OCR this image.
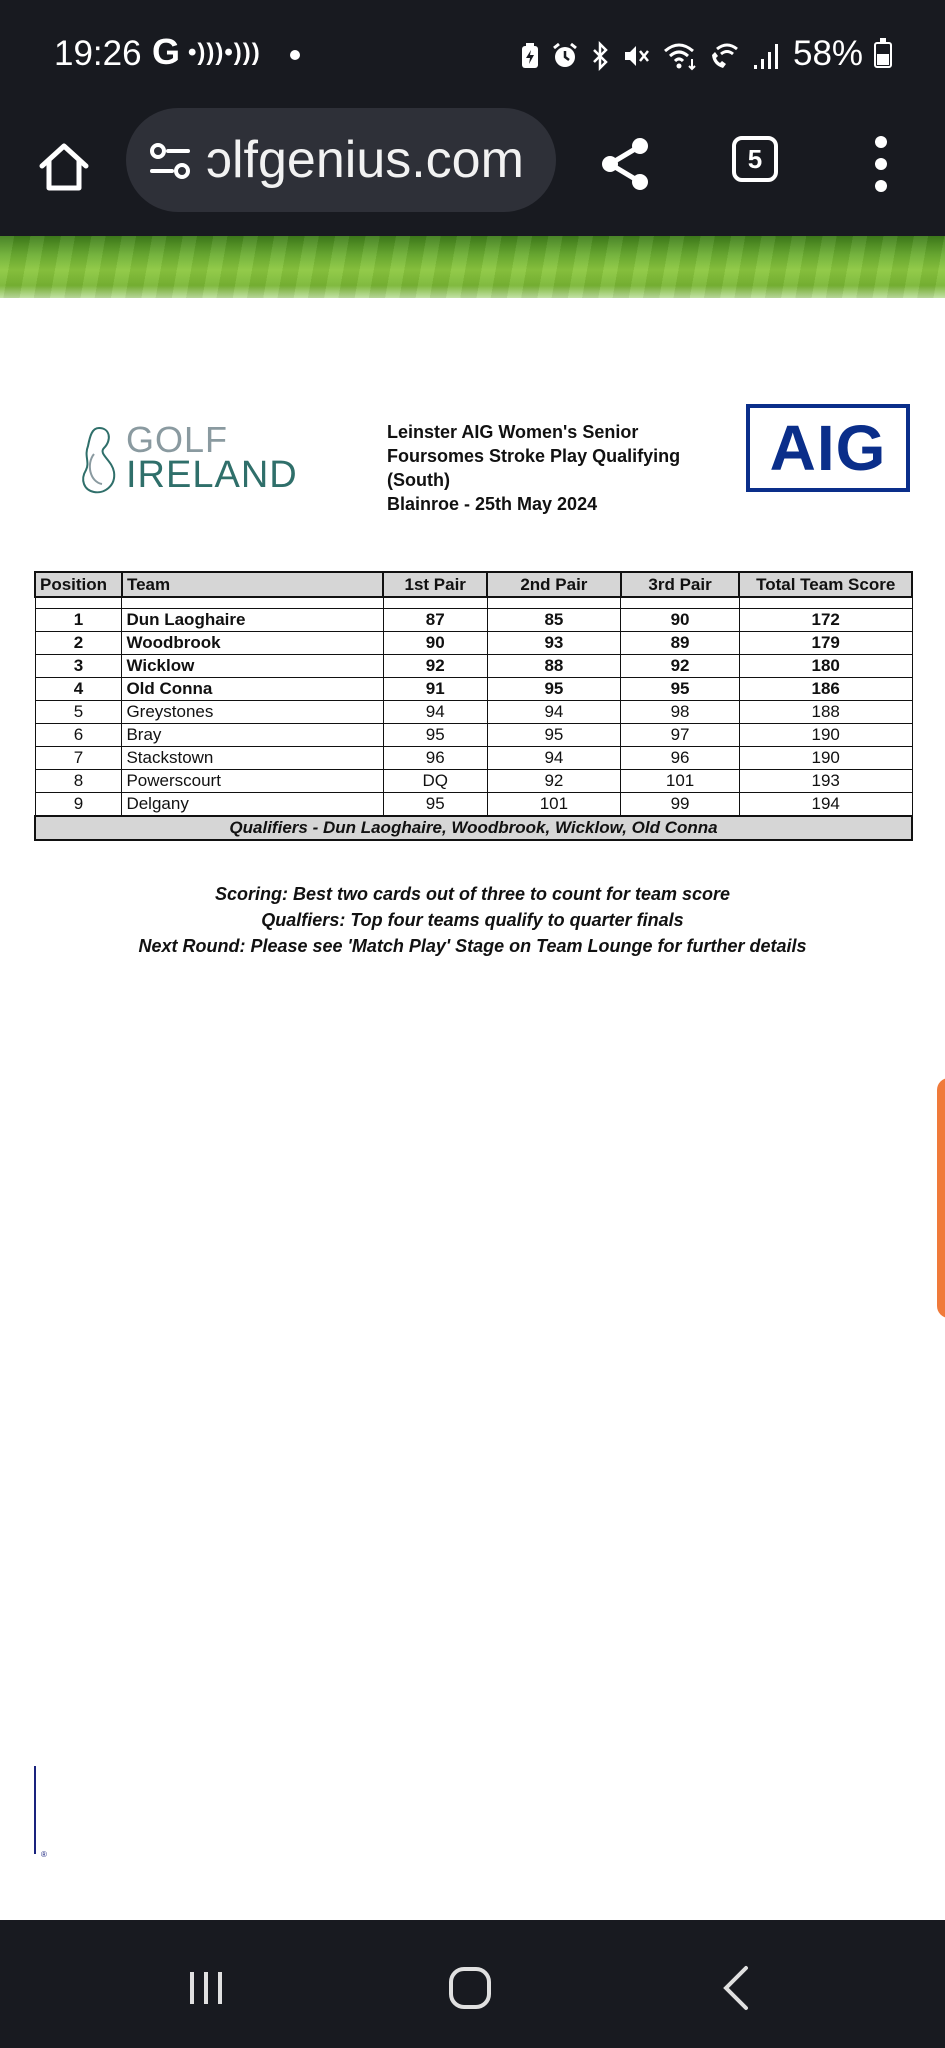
19:26 G •)))•)))	58%
ɔlfgenius.com	5
GOLF
IRELAND
Leinster AIG Women's Senior
Foursomes Stroke Play Qualifying
(South)
Blainroe - 25th May 2024
AIG
Position	Team	1st Pair	2nd Pair	3rd Pair	Total Team Score

1	Dun Laoghaire	87	85	90	172
2	Woodbrook	90	93	89	179
3	Wicklow	92	88	92	180
4	Old Conna	91	95	95	186
5	Greystones	94	94	98	188
6	Bray	95	95	97	190
7	Stackstown	96	94	96	190
8	Powerscourt	DQ	92	101	193
9	Delgany	95	101	99	194
Qualifiers - Dun Laoghaire, Woodbrook, Wicklow, Old Conna					
Scoring: Best two cards out of three to count for team score
Qualfiers: Top four teams qualify to quarter finals
Next Round: Please see 'Match Play' Stage on Team Lounge for further details
®
